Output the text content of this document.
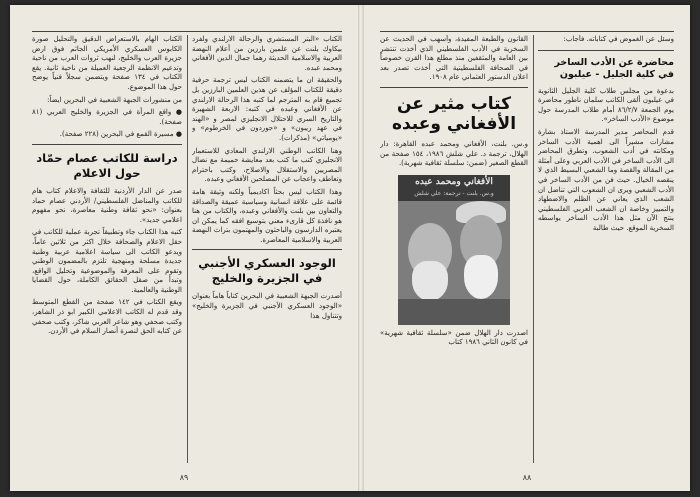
الكتاب «البتر المستشري والرحالة الارلندي ولفرد بيكاوك بلنت عن علمين بارزين من أعلام النهضة العربية والاسلامية الحديثة رهما جمال الدين الأفغاني ومحمد عبده.

والحقيقة ان ما يتضمنه الكتاب ليس ترجمة حرفية دقيقة للكتاب المؤلف عن هذين العلمين البارزين بل تجميع قام به المترجم لما كتبه هذا الرحالة الارلندي عن الأفغاني وعبده في كتبه: الاربعة الشهيرة والتاريخ السري للاحتلال الانجليزي لمصر و «الهند في عهد ريبون» و «جوردون في الخرطوم» و «يومياتي» (مذكرات).

وهنا الكاتب الوطني الارلندي المعادي للاستعمار الانجليزي كتب ما كتب بعد معايشة حميمة مع نضال المصريين والاستقلال والاصلاح، وكتب باحترام وتعاطف واعجاب عن المصلحين الأفغاني وعبده.

وهذا الكتاب ليس بحثاً اكاديمياً ولكنه وثيقة هامة قائمة على علاقة انسانية وسياسية عميقة والصداقة والتعاون بين بلنت والأفغاني وعبده، والكتاب من هنا هو نافذة كل قارىء معني بتوسيع افقه كما يمكن ان يعتبره الدارسون والباحثون والمهتمون بتراث النهضة العربية والاسلامية المعاصرة.

الوجود العسكري الأجنبي في الجزيرة والخليج

أصدرت الجبهة الشعبية في البحرين كتاباً هاماً بعنوان «الوجود العسكري الأجنبي في الجزيرة والخليج» وتتناول هذا

الكتاب الهام بالاستعراض الدقيق والتحليل صورة الكابوس العسكري الأمريكي الجاثم فوق ارض جزيرة العرب والخليج، لنهب ثروات العرب من ناحية وتدعيم الانظمة الرجعية العميلة من ناحية ثانية. يقع الكتاب في ١٣٤ صفحة ويتضمن سجلاً فنياً يوضح حول هذا الموضوع.

من منشورات الجبهة الشعبية في البحرين ايضاً:

● واقع المرأة في الجزيرة والخليج العربي (٨١ صفحة).

● مسيرة القمع في البحرين (٢٢٨ صفحة).

دراسة للكاتب عصام حمّاد حول الاعلام

صدر عن الدار الأردنية للثقافة والاعلام كتاب هام للكاتب والمناضل الفلسطيني/ الأردني عصام حماد بعنوان: «نحو ثقافة وطنية معاصرة، نحو مفهوم اعلامي جديد».

كتبه هذا الكتاب جاء وتطبيقاً تجربة عملية للكاتب في حقل الاعلام والصحافة خلال اكثر من ثلاثين عاماً، ويدعو الكاتب الى سياسة اعلامية عربية وطنية جديدة مسلحة ومنهجية تلتزم بالمضمون الوطني وتقوم على المعرفة والموضوعية وتحليل الواقع، وتبدأ من صقل الحقائق الكاملة، حول القضايا الوطنية والعالمية.

ويقع الكتاب في ١٤٢ صفحة من القطع المتوسط وقد قدم له الكاتب الاعلامي الكبير ابو ذر الشاهر، وكتب صحفي وهو شاعر العربي شاكر، وكتب صحفي عن كتابه الحق لنصرة أنصار السلام في الأردن.

٨٩

وسئل عن الغموض في كتاباته. فأجاب:

محاضرة عن الأدب الساخر في كلية الجليل - عيلبون

بدعوة من مجلس طلاب كلية الجليل الثانوية في عيلبون ألقى الكاتب سلمان ناطور محاضرة يوم الجمعة ٨٦/٢/٧ أمام طلاب المدرسة حول موضوع «الأدب الساخر».

قدم المحاضر مدير المدرسة الاستاذ بشارة مشارات مشيراً الى اهمية الأدب الساخر ومكانته في أدب الشعوب. وتطرق المحاضر الى الأدب الساخر في الأدب العربي وعلى أمثلة من المقالة والقصة وما الشعبي البسيط الذي لا ينقصه الخيال. حيث فن من الأدب الساخر في الأدب الشعبي ويرى ان الشعوب التي تناضل ان الشعب الذي يعاني عن الظلم والاضطهاد والتمييز وخاصة ان الشعب العربي الفلسطيني ينتج الآن مثل هذا الأدب الساخر يواسطه السخرية الموقع. حيث طالبة

القانون والطبعة المفيدة، وأسهب في الحديث عن السخرية في الأدب الفلسطيني الذي أخذت تنتشر بين العامة والمثقفين منذ مطلع هذا القرن خصوصاً في الصحافة الفلسطينية التي أخذت تصدر بعد اعلان الدستور العثماني عام ١٩٠٨.

كتاب مثير عن الأفغاني وعبده

و.س. بلنت، الأفغاني ومحمد عبده القاهرة: دار الهلال، ترجمة د. علي شلش ١٩٨٦، ١٥٤ صفحة من القطع الصغير (ضمن: سلسلة ثقافية شهرية).

الأفغاني ومحمد عبده
و.س. بلنت - ترجمة: علي شلش

اصدرت دار الهلال ضمن «سلسلة ثقافية شهرية» في كانون الثاني ١٩٨٦ كتاب

٨٨
